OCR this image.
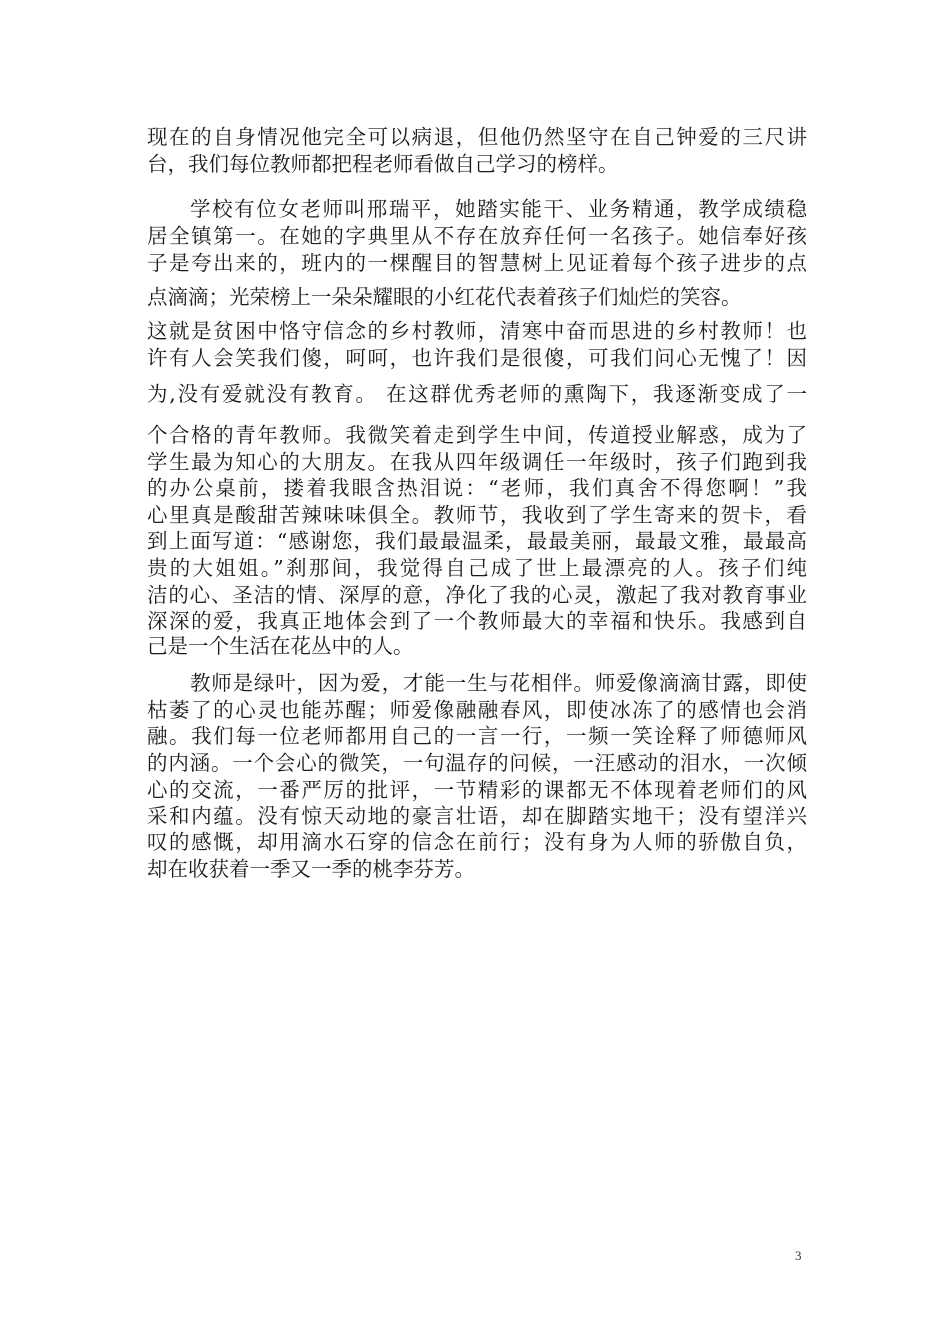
现在的自身情况他完全可以病退，但他仍然坚守在自己钟爱的三尺讲
台，我们每位教师都把程老师看做自己学习的榜样。
学校有位女老师叫邢瑞平，她踏实能干、业务精通，教学成绩稳
居全镇第一。在她的字典里从不存在放弃任何一名孩子。她信奉好孩
子是夸出来的，班内的一棵醒目的智慧树上见证着每个孩子进步的点
点滴滴；光荣榜上一朵朵耀眼的小红花代表着孩子们灿烂的笑容。
这就是贫困中恪守信念的乡村教师，清寒中奋而思进的乡村教师！也
许有人会笑我们傻，呵呵，也许我们是很傻，可我们问心无愧了！因
为,没有爱就没有教育。 在这群优秀老师的熏陶下，我逐渐变成了一
个合格的青年教师。我微笑着走到学生中间，传道授业解惑，成为了
学生最为知心的大朋友。在我从四年级调任一年级时，孩子们跑到我
的办公桌前，搂着我眼含热泪说：“老师，我们真舍不得您啊！”我
心里真是酸甜苦辣味味俱全。教师节，我收到了学生寄来的贺卡，看
到上面写道：“感谢您，我们最最温柔，最最美丽，最最文雅，最最高
贵的大姐姐。”刹那间，我觉得自己成了世上最漂亮的人。孩子们纯
洁的心、圣洁的情、深厚的意，净化了我的心灵，激起了我对教育事业
深深的爱，我真正地体会到了一个教师最大的幸福和快乐。我感到自
己是一个生活在花丛中的人。
教师是绿叶，因为爱，才能一生与花相伴。师爱像滴滴甘露，即使
枯萎了的心灵也能苏醒；师爱像融融春风，即使冰冻了的感情也会消
融。我们每一位老师都用自己的一言一行，一频一笑诠释了师德师风
的内涵。一个会心的微笑，一句温存的问候，一汪感动的泪水，一次倾
心的交流，一番严厉的批评，一节精彩的课都无不体现着老师们的风
采和内蕴。没有惊天动地的豪言壮语，却在脚踏实地干；没有望洋兴
叹的感慨，却用滴水石穿的信念在前行；没有身为人师的骄傲自负，
却在收获着一季又一季的桃李芬芳。
3
